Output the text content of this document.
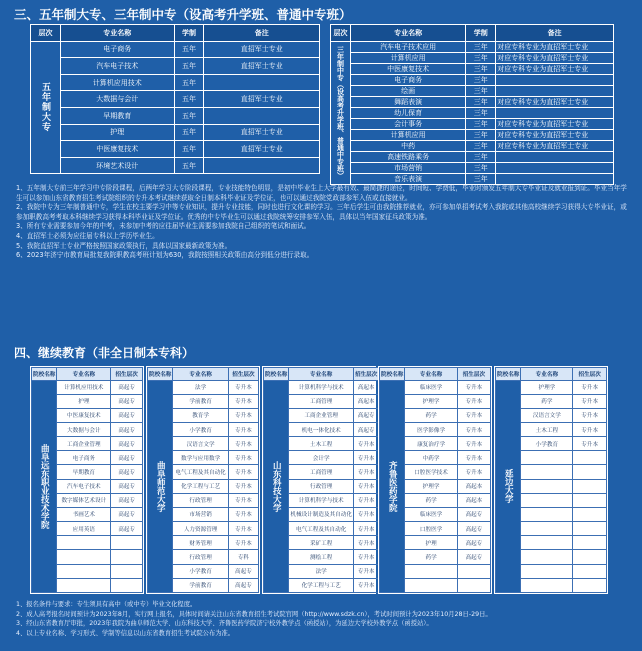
三、五年制大专、三年制中专（设高考升学班、普通中专班）
层次	专业名称	学制	备注

五年制大专	电子商务	五年	直招军士专业
	汽车电子技术	五年	直招军士专业
	计算机应用技术	五年	
	大数据与会计	五年	直招军士专业
	早期教育	五年	
	护理	五年	直招军士专业
	中医康复技术	五年	直招军士专业
	环境艺术设计	五年	
层次	专业名称	学制	备注

三年制中专（设高考升学班、普通中专班）	汽车电子技术应用	三年	对应专科专业为直招军士专业
	计算机应用	三年	对应专科专业为直招军士专业
	中医康复技术	三年	对应专科专业为直招军士专业
	电子商务	三年	
	绘画	三年	
	舞蹈表演	三年	对应专科专业为直招军士专业
	幼儿保育	三年	
	会计事务	三年	对应专科专业为直招军士专业
	计算机应用	三年	对应专科专业为直招军士专业
	中药	三年	对应专科专业为直招军士专业
	高速铁路乘务	三年	
	市场营销	三年	
	音乐表演	三年	

1、五年制大专前三年学习中专阶段课程，后两年学习大专阶段课程，专业技能特色明显，是初中毕业生上大学最有效、最简捷的途径，时间短、学费低，毕业时颁发五年制大专毕业证及就业报到证。毕业当年学生可以参加山东省教育招生考试院组织的专升本考试继续获取全日制本科毕业证及学位证，也可以通过我院党政部参军入伍或直接就业。

2、我院中专为三年制普通中专，学生在校主要学习中等专业知识，提升专业技能，同时也进行文化课的学习。三年后学生可由我院推荐就业，亦可参加单招考试考入我院或其他高校继续学习获得大专毕业证，或参加职教高考考取本科继续学习获得本科毕业证及学位证。优秀的中专毕业生可以通过我院统筹安排参军入伍，具体以当年国家征兵政策为准。

3、所有专业需要参加今年的中考，未参加中考的应往届毕业生需要参加我院自己组织的笔试和面试。

4、直招军士必须为应往届专科以上学历毕业生。

5、我院直招军士专业严格按照国家政策执行，具体以国家最新政策为准。

6、2023年济宁市教育局批复我院职教高考班计划为630，我院按照相关政策由高分到低分进行录取。

四、继续教育（非全日制本专科）
院校名称	专业名称	招生层次

曲阜远东职业技术学院	计算机应用技术	高起专
	护理	高起专
	中医康复技术	高起专
	大数据与会计	高起专
	工商企业管理	高起专
	电子商务	高起专
	早期教育	高起专
	汽车电子技术	高起专
	数字媒体艺术设计	高起专
	书画艺术	高起专
	应用英语	高起专

院校名称	专业名称	招生层次

曲阜师范大学	法学	专升本
	学前教育	专升本
	教育学	专升本
	小学教育	专升本
	汉语言文学	专升本
	数学与应用数学	专升本
	电气工程及其自动化	专升本
	化学工程与工艺	专升本
	行政管理	专升本
	市场营销	专升本
	人力资源管理	专升本
	财务管理	专升本
	行政管理	专科
	小学教育	高起专
	学前教育	高起专
院校名称	专业名称	招生层次

山东科技大学	计算机科学与技术	高起本
	工商管理	高起本
	工商企业管理	高起专
	机电一体化技术	高起专
	土木工程	专升本
	会计学	专升本
	工商管理	专升本
	行政管理	专升本
	计算机科学与技术	专升本
	机械设计制造及其自动化	专升本
	电气工程及其自动化	专升本
	采矿工程	专升本
	测绘工程	专升本
	法学	专升本
	化学工程与工艺	专升本
院校名称	专业名称	招生层次

齐鲁医药学院	临床医学	专升本
	护理学	专升本
	药学	专升本
	医学影像学	专升本
	康复治疗学	专升本
	中药学	专升本
	口腔医学技术	专升本
	护理学	高起本
	药学	高起本
	临床医学	高起专
	口腔医学	高起专
	护理	高起专
	药学	高起专

院校名称	专业名称	招生层次

延边大学	护理学	专升本
	药学	专升本
	汉语言文学	专升本
	土木工程	专升本
	小学教育	专升本

1、报名条件与要求：专生须具有高中（或中专）毕业文化程度。

2、成人高考报名时间预计为2023年8月，实行网上报名，具体时间请关注山东省教育招生考试院官网（http://www.sdzk.cn），考试时间预计为2023年10月28日-29日。

3、经山东省教育厅审批，2023年我院为曲阜师范大学、山东科技大学、齐鲁医药学院济宁校外教学点（函授站），为延边大学校外教学点（函授站）。

4、以上专业名称、学习形式、学制等信息以山东省教育招生考试院公布为准。
